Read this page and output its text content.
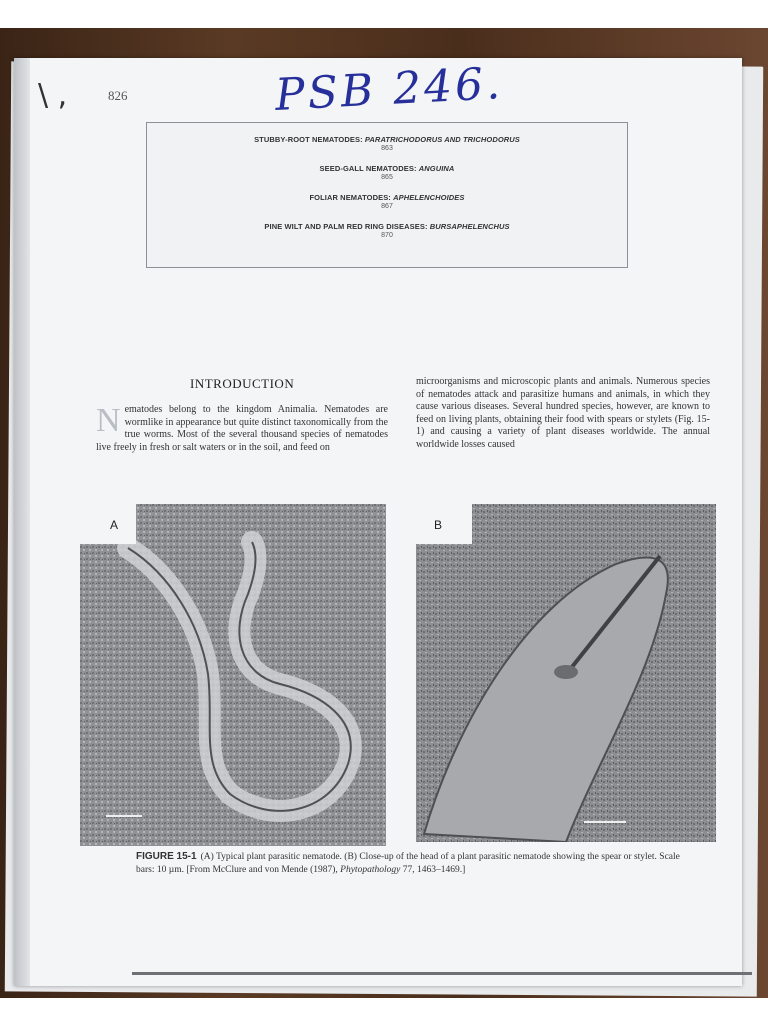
\ ,	826	PSB 246.
STUBBY-ROOT NEMATODES: PARATRICHODORUS AND TRICHODORUS
863
SEED-GALL NEMATODES: ANGUINA
865
FOLIAR NEMATODES: APHELENCHOIDES
867
PINE WILT AND PALM RED RING DISEASES: BURSAPHELENCHUS
870
INTRODUCTION
Nematodes belong to the kingdom Animalia. Nematodes are wormlike in appearance but quite distinct taxonomically from the true worms. Most of the several thousand species of nematodes live freely in fresh or salt waters or in the soil, and feed on
microorganisms and microscopic plants and animals. Numerous species of nematodes attack and parasitize humans and animals, in which they cause various diseases. Several hundred species, however, are known to feed on living plants, obtaining their food with spears or stylets (Fig. 15-1) and causing a variety of plant diseases worldwide. The annual worldwide losses caused
A	B
FIGURE 15-1 (A) Typical plant parasitic nematode. (B) Close-up of the head of a plant parasitic nematode showing the spear or stylet. Scale bars: 10 µm. [From McClure and von Mende (1987), Phytopathology 77, 1463–1469.]
